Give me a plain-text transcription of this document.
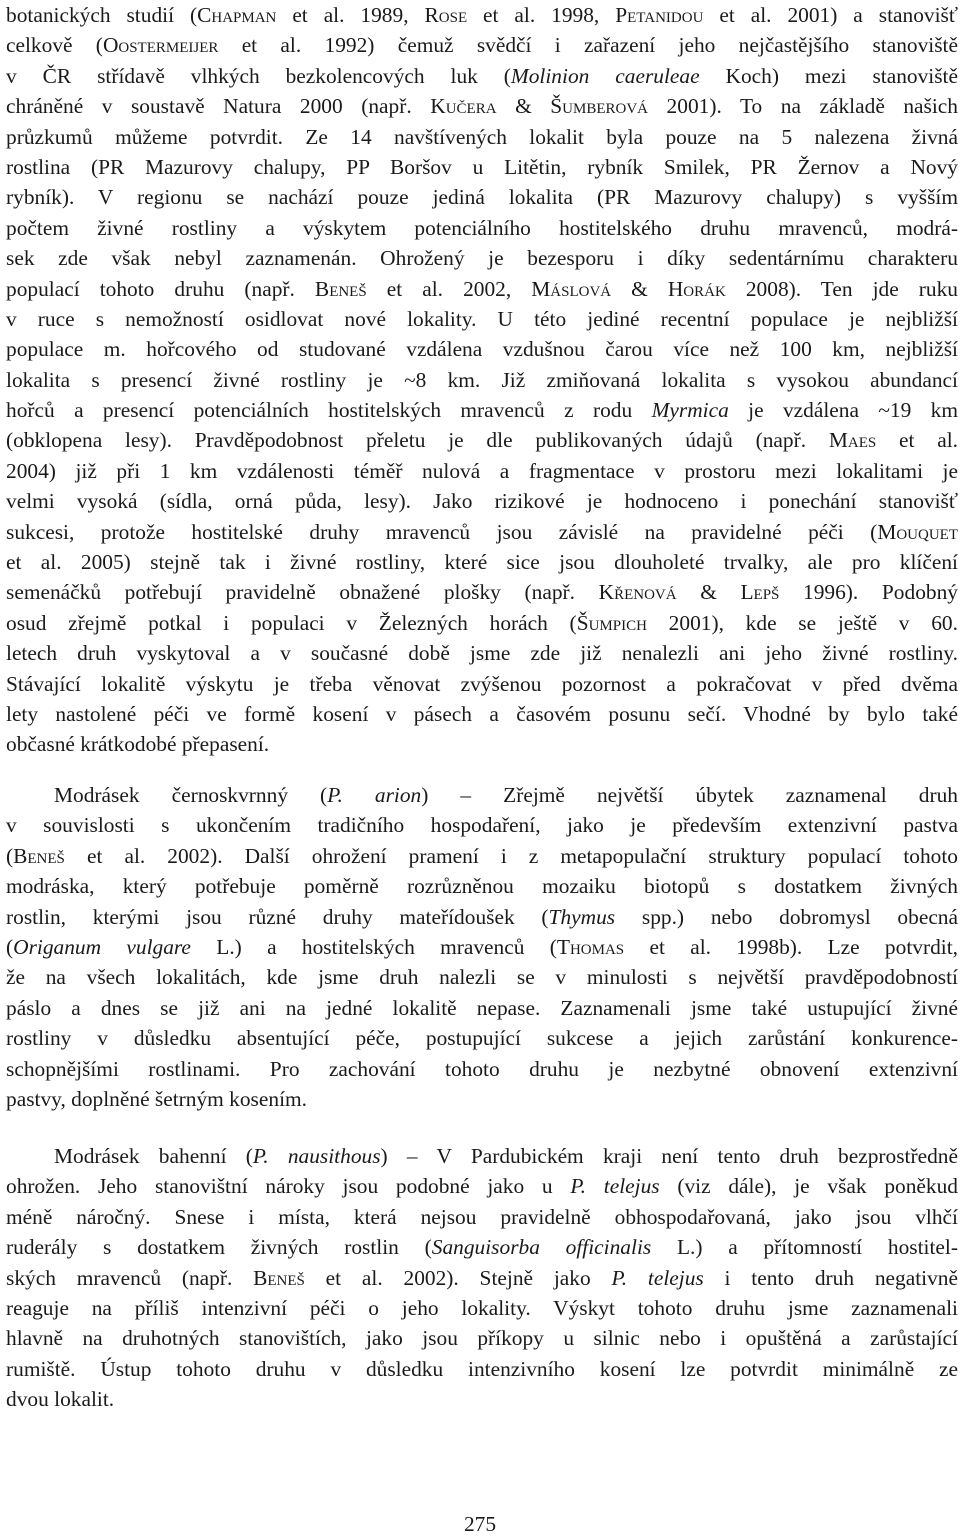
botanických studií (Chapman et al. 1989, Rose et al. 1998, Petanidou et al. 2001) a stanovišť
celkově (Oostermeijer et al. 1992) čemuž svědčí i zařazení jeho nejčastějšího stanoviště
v ČR střídavě vlhkých bezkolencových luk (Molinion caeruleae Koch) mezi stanoviště
chráněné v soustavě Natura 2000 (např. Kučera & Šumberová 2001). To na základě našich
průzkumů můžeme potvrdit. Ze 14 navštívených lokalit byla pouze na 5 nalezena živná
rostlina (PR Mazurovy chalupy, PP Boršov u Litětin, rybník Smilek, PR Žernov a Nový
rybník). V regionu se nachází pouze jediná lokalita (PR Mazurovy chalupy) s vyšším
počtem živné rostliny a výskytem potenciálního hostitelského druhu mravenců, modrá-
sek zde však nebyl zaznamenán. Ohrožený je bezesporu i díky sedentárnímu charakteru
populací tohoto druhu (např. Beneš et al. 2002, Máslová & Horák 2008). Ten jde ruku
v ruce s nemožností osidlovat nové lokality. U této jediné recentní populace je nejbližší
populace m. hořcového od studované vzdálena vzdušnou čarou více než 100 km, nejbližší
lokalita s presencí živné rostliny je ~8 km. Již zmiňovaná lokalita s vysokou abundancí
hořců a presencí potenciálních hostitelských mravenců z rodu Myrmica je vzdálena ~19 km
(obklopena lesy). Pravděpodobnost přeletu je dle publikovaných údajů (např. Maes et al.
2004) již při 1 km vzdálenosti téměř nulová a fragmentace v prostoru mezi lokalitami je
velmi vysoká (sídla, orná půda, lesy). Jako rizikové je hodnoceno i ponechání stanovišť
sukcesi, protože hostitelské druhy mravenců jsou závislé na pravidelné péči (Mouquet
et al. 2005) stejně tak i živné rostliny, které sice jsou dlouholeté trvalky, ale pro klíčení
semenáčků potřebují pravidelně obnažené plošky (např. Křenová & Lepš 1996). Podobný
osud zřejmě potkal i populaci v Železných horách (Šumpich 2001), kde se ještě v 60.
letech druh vyskytoval a v současné době jsme zde již nenalezli ani jeho živné rostliny.
Stávající lokalitě výskytu je třeba věnovat zvýšenou pozornost a pokračovat v před dvěma
lety nastolené péči ve formě kosení v pásech a časovém posunu sečí. Vhodné by bylo také
občasné krátkodobé přepasení.
Modrásek černoskvrnný (P. arion) – Zřejmě největší úbytek zaznamenal druh
v souvislosti s ukončením tradičního hospodaření, jako je především extenzivní pastva
(Beneš et al. 2002). Další ohrožení pramení i z metapopulační struktury populací tohoto
modráska, který potřebuje poměrně rozrůzněnou mozaiku biotopů s dostatkem živných
rostlin, kterými jsou různé druhy mateřídoušek (Thymus spp.) nebo dobromysl obecná
(Origanum vulgare L.) a hostitelských mravenců (Thomas et al. 1998b). Lze potvrdit,
že na všech lokalitách, kde jsme druh nalezli se v minulosti s největší pravděpodobností
páslo a dnes se již ani na jedné lokalitě nepase. Zaznamenali jsme také ustupující živné
rostliny v důsledku absentující péče, postupující sukcese a jejich zarůstání konkurence-
schopnějšími rostlinami. Pro zachování tohoto druhu je nezbytné obnovení extenzivní
pastvy, doplněné šetrným kosením.
Modrásek bahenní (P. nausithous) – V Pardubickém kraji není tento druh bezprostředně
ohrožen. Jeho stanovištní nároky jsou podobné jako u P. telejus (viz dále), je však poněkud
méně náročný. Snese i místa, která nejsou pravidelně obhospodařovaná, jako jsou vlhčí
ruderály s dostatkem živných rostlin (Sanguisorba officinalis L.) a přítomností hostitel-
ských mravenců (např. Beneš et al. 2002). Stejně jako P. telejus i tento druh negativně
reaguje na příliš intenzivní péči o jeho lokality. Výskyt tohoto druhu jsme zaznamenali
hlavně na druhotných stanovištích, jako jsou příkopy u silnic nebo i opuštěná a zarůstající
rumiště. Ústup tohoto druhu v důsledku intenzivního kosení lze potvrdit minimálně ze
dvou lokalit.
275
